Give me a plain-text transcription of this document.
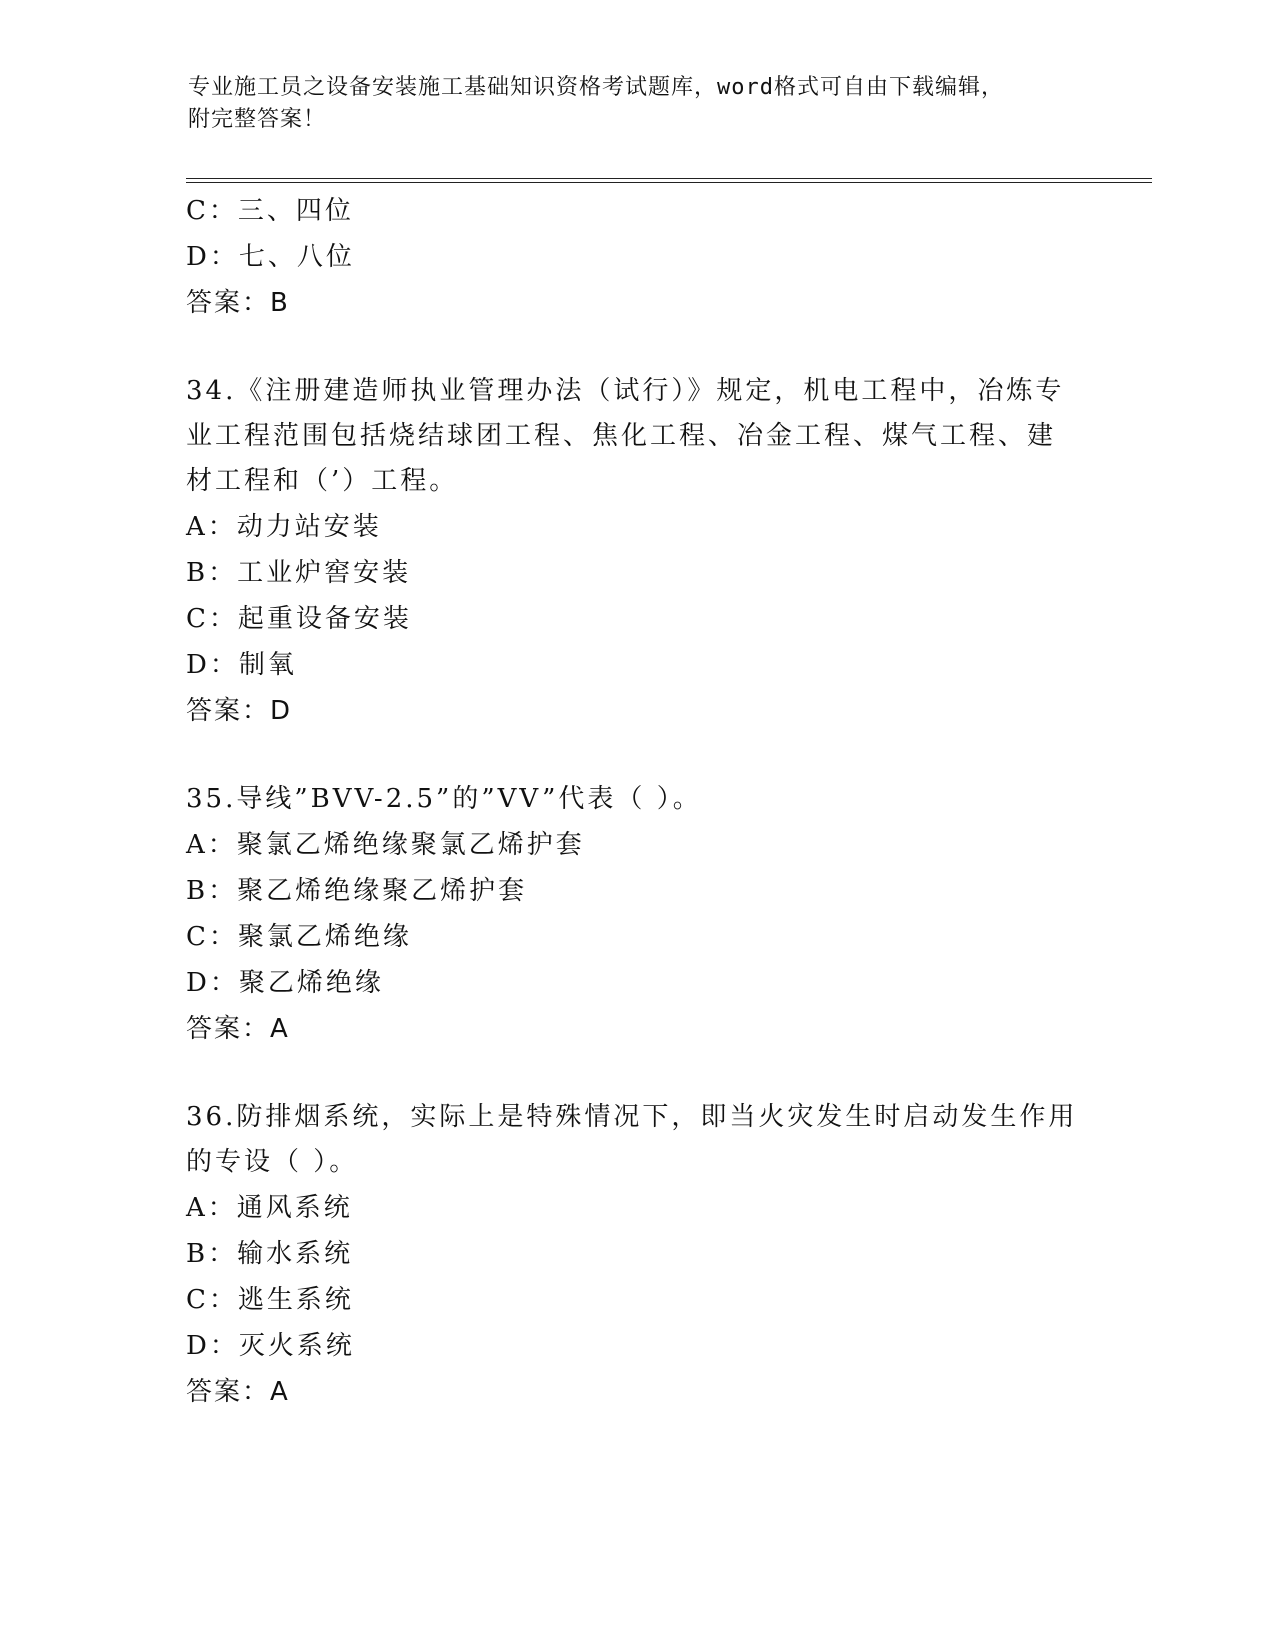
专业施工员之设备安装施工基础知识资格考试题库，word格式可自由下载编辑，
附完整答案！
C：三、四位
D：七、八位
答案：B
34.《注册建造师执业管理办法（试行）》规定，机电工程中，冶炼专
业工程范围包括烧结球团工程、焦化工程、冶金工程、煤气工程、建
材工程和（’）工程。
A：动力站安装
B：工业炉窖安装
C：起重设备安装
D：制氧
答案：D
35.导线”BVV-2.5”的”VV”代表（ ）。
A：聚氯乙烯绝缘聚氯乙烯护套
B：聚乙烯绝缘聚乙烯护套
C：聚氯乙烯绝缘
D：聚乙烯绝缘
答案：A
36.防排烟系统，实际上是特殊情况下，即当火灾发生时启动发生作用
的专设（ ）。
A：通风系统
B：输水系统
C：逃生系统
D：灭火系统
答案：A
